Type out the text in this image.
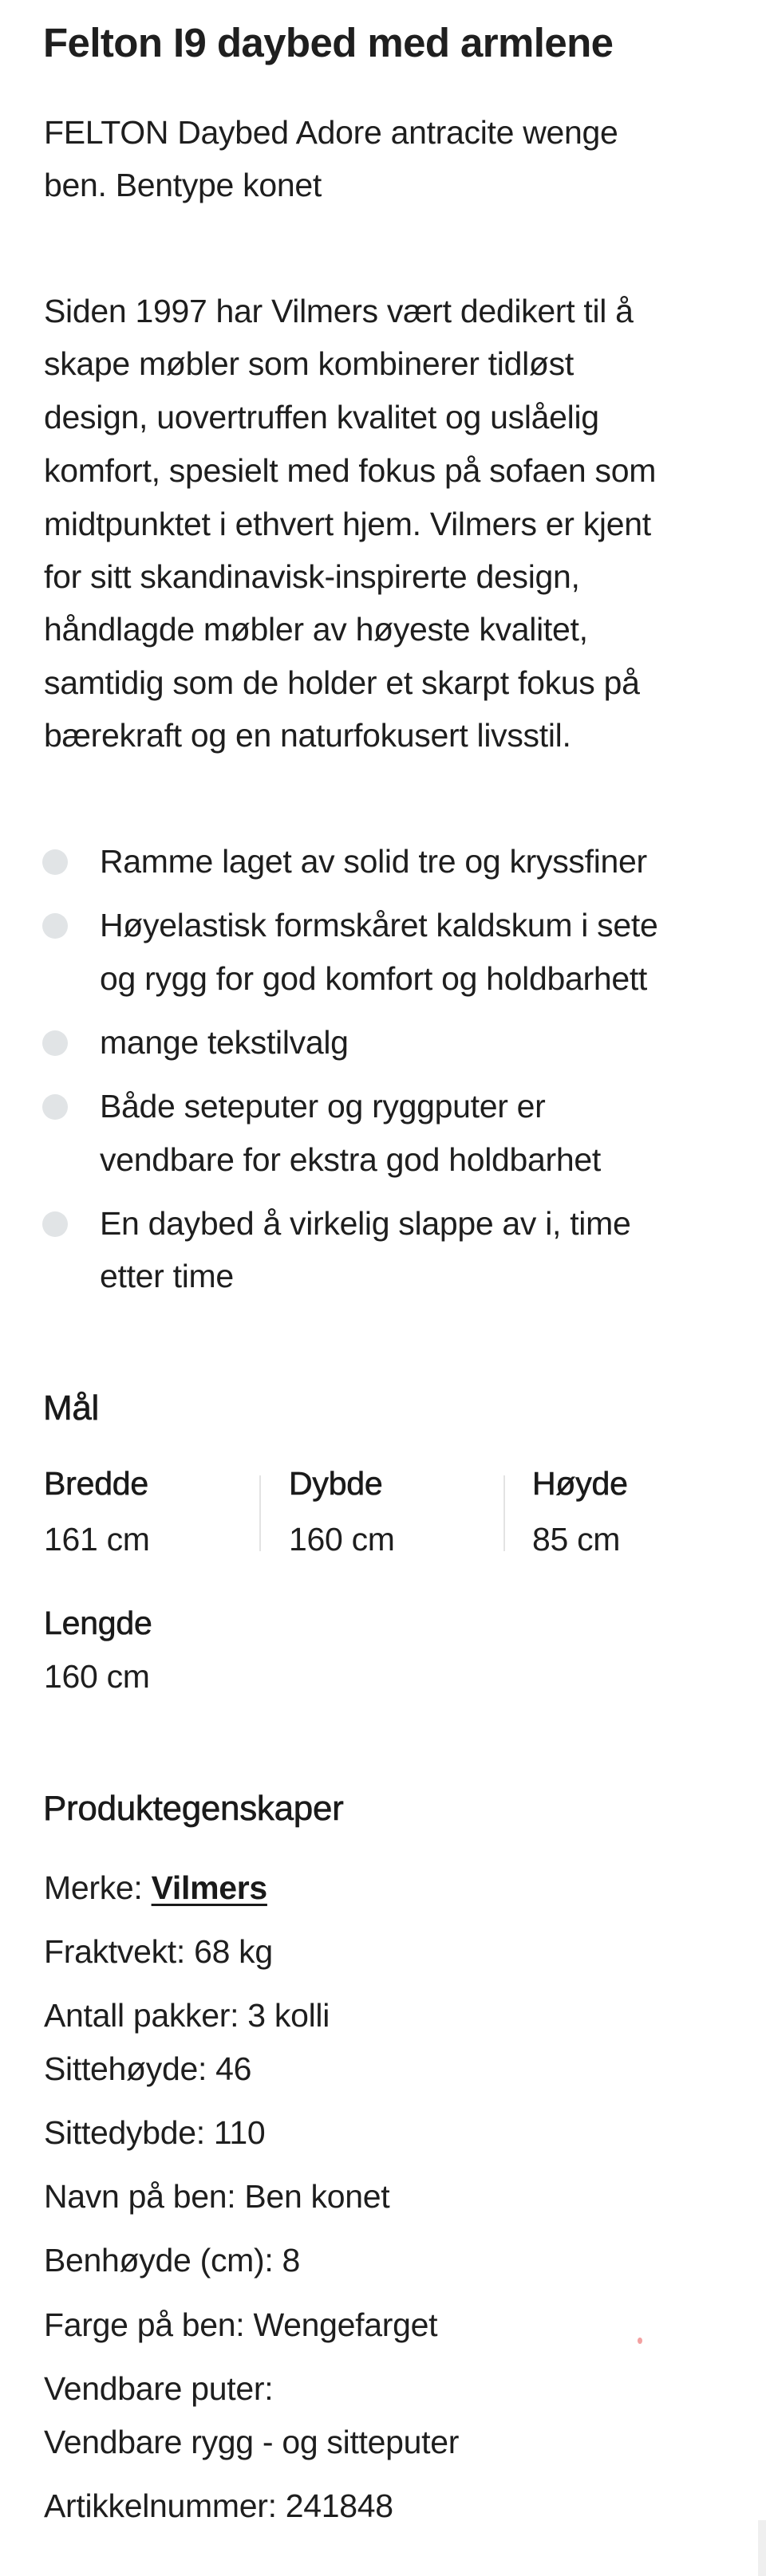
Felton I9 daybed med armlene
FELTON Daybed Adore antracite wenge
ben. Bentype konet
Siden 1997 har Vilmers vært dedikert til å
skape møbler som kombinerer tidløst
design, uovertruffen kvalitet og uslåelig
komfort, spesielt med fokus på sofaen som
midtpunktet i ethvert hjem. Vilmers er kjent
for sitt skandinavisk-inspirerte design,
håndlagde møbler av høyeste kvalitet,
samtidig som de holder et skarpt fokus på
bærekraft og en naturfokusert livsstil.
Ramme laget av solid tre og kryssfiner
Høyelastisk formskåret kaldskum i sete
og rygg for god komfort og holdbarhett
mange tekstilvalg
Både seteputer og ryggputer er
vendbare for ekstra god holdbarhet
En daybed å virkelig slappe av i, time
etter time
Mål
Bredde
161 cm
Dybde
160 cm
Høyde
85 cm
Lengde
160 cm
Produktegenskaper
Merke: Vilmers
Fraktvekt: 68 kg
Antall pakker: 3 kolli
Sittehøyde: 46
Sittedybde: 110
Navn på ben: Ben konet
Benhøyde (cm): 8
Farge på ben: Wengefarget
Vendbare puter:
Vendbare rygg - og sitteputer
Artikkelnummer: 241848
